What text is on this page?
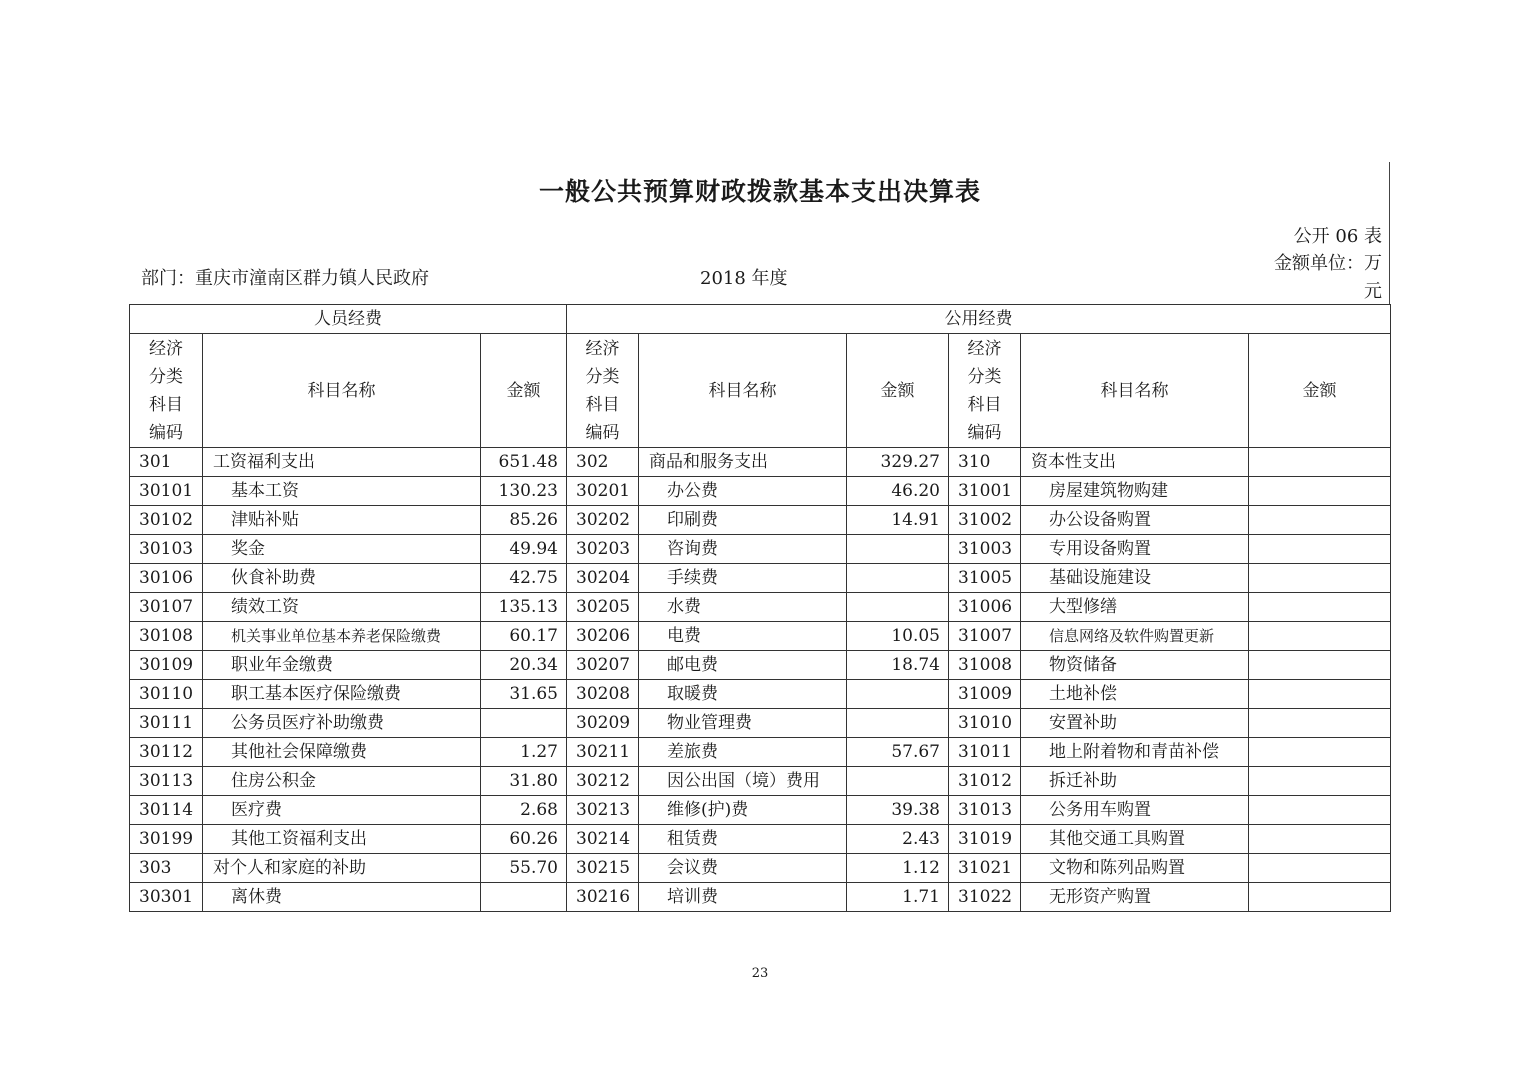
一般公共预算财政拨款基本支出决算表
公开 06 表
金额单位：万
元
部门：重庆市潼南区群力镇人民政府	2018 年度
人员经费			公用经费					
经济分类科目编码	科目名称	金额	经济分类科目编码	科目名称	金额	经济分类科目编码	科目名称	金额
301	工资福利支出	651.48	302	商品和服务支出	329.27	310	资本性支出	
30101	基本工资	130.23	30201	办公费	46.20	31001	房屋建筑物购建	
30102	津贴补贴	85.26	30202	印刷费	14.91	31002	办公设备购置	
30103	奖金	49.94	30203	咨询费		31003	专用设备购置	
30106	伙食补助费	42.75	30204	手续费		31005	基础设施建设	
30107	绩效工资	135.13	30205	水费		31006	大型修缮	
30108	机关事业单位基本养老保险缴费	60.17	30206	电费	10.05	31007	信息网络及软件购置更新	
30109	职业年金缴费	20.34	30207	邮电费	18.74	31008	物资储备	
30110	职工基本医疗保险缴费	31.65	30208	取暖费		31009	土地补偿	
30111	公务员医疗补助缴费		30209	物业管理费		31010	安置补助	
30112	其他社会保障缴费	1.27	30211	差旅费	57.67	31011	地上附着物和青苗补偿	
30113	住房公积金	31.80	30212	因公出国（境）费用		31012	拆迁补助	
30114	医疗费	2.68	30213	维修(护)费	39.38	31013	公务用车购置	
30199	其他工资福利支出	60.26	30214	租赁费	2.43	31019	其他交通工具购置	
303	对个人和家庭的补助	55.70	30215	会议费	1.12	31021	文物和陈列品购置	
30301	离休费		30216	培训费	1.71	31022	无形资产购置	
23
